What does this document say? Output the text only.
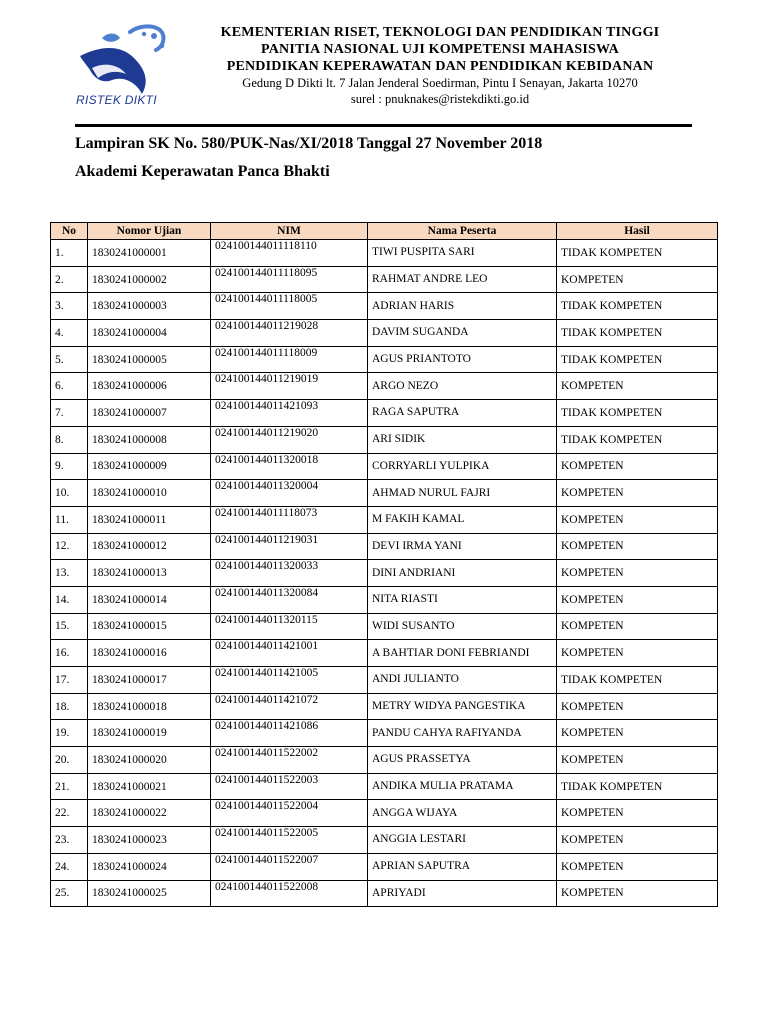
RISTEK DIKTI
KEMENTERIAN RISET, TEKNOLOGI DAN PENDIDIKAN TINGGI
PANITIA NASIONAL UJI KOMPETENSI MAHASISWA
PENDIDIKAN KEPERAWATAN DAN PENDIDIKAN KEBIDANAN
Gedung D Dikti lt. 7 Jalan Jenderal Soedirman, Pintu I Senayan, Jakarta 10270
surel : pnuknakes@ristekdikti.go.id
Lampiran SK No. 580/PUK-Nas/XI/2018 Tanggal 27 November 2018
Akademi Keperawatan Panca Bhakti
No	Nomor Ujian	NIM	Nama Peserta	Hasil
1.	1830241000001	024100144011118110	TIWI PUSPITA SARI	TIDAK KOMPETEN
2.	1830241000002	024100144011118095	RAHMAT ANDRE LEO	KOMPETEN
3.	1830241000003	024100144011118005	ADRIAN HARIS	TIDAK KOMPETEN
4.	1830241000004	024100144011219028	DAVIM SUGANDA	TIDAK KOMPETEN
5.	1830241000005	024100144011118009	AGUS PRIANTOTO	TIDAK KOMPETEN
6.	1830241000006	024100144011219019	ARGO NEZO	KOMPETEN
7.	1830241000007	024100144011421093	RAGA SAPUTRA	TIDAK KOMPETEN
8.	1830241000008	024100144011219020	ARI SIDIK	TIDAK KOMPETEN
9.	1830241000009	024100144011320018	CORRYARLI YULPIKA	KOMPETEN
10.	1830241000010	024100144011320004	AHMAD NURUL FAJRI	KOMPETEN
11.	1830241000011	024100144011118073	M FAKIH KAMAL	KOMPETEN
12.	1830241000012	024100144011219031	DEVI IRMA YANI	KOMPETEN
13.	1830241000013	024100144011320033	DINI ANDRIANI	KOMPETEN
14.	1830241000014	024100144011320084	NITA RIASTI	KOMPETEN
15.	1830241000015	024100144011320115	WIDI SUSANTO	KOMPETEN
16.	1830241000016	024100144011421001	A BAHTIAR DONI FEBRIANDI	KOMPETEN
17.	1830241000017	024100144011421005	ANDI JULIANTO	TIDAK KOMPETEN
18.	1830241000018	024100144011421072	METRY WIDYA PANGESTIKA	KOMPETEN
19.	1830241000019	024100144011421086	PANDU CAHYA RAFIYANDA	KOMPETEN
20.	1830241000020	024100144011522002	AGUS PRASSETYA	KOMPETEN
21.	1830241000021	024100144011522003	ANDIKA MULIA PRATAMA	TIDAK KOMPETEN
22.	1830241000022	024100144011522004	ANGGA WIJAYA	KOMPETEN
23.	1830241000023	024100144011522005	ANGGIA LESTARI	KOMPETEN
24.	1830241000024	024100144011522007	APRIAN SAPUTRA	KOMPETEN
25.	1830241000025	024100144011522008	APRIYADI	KOMPETEN
